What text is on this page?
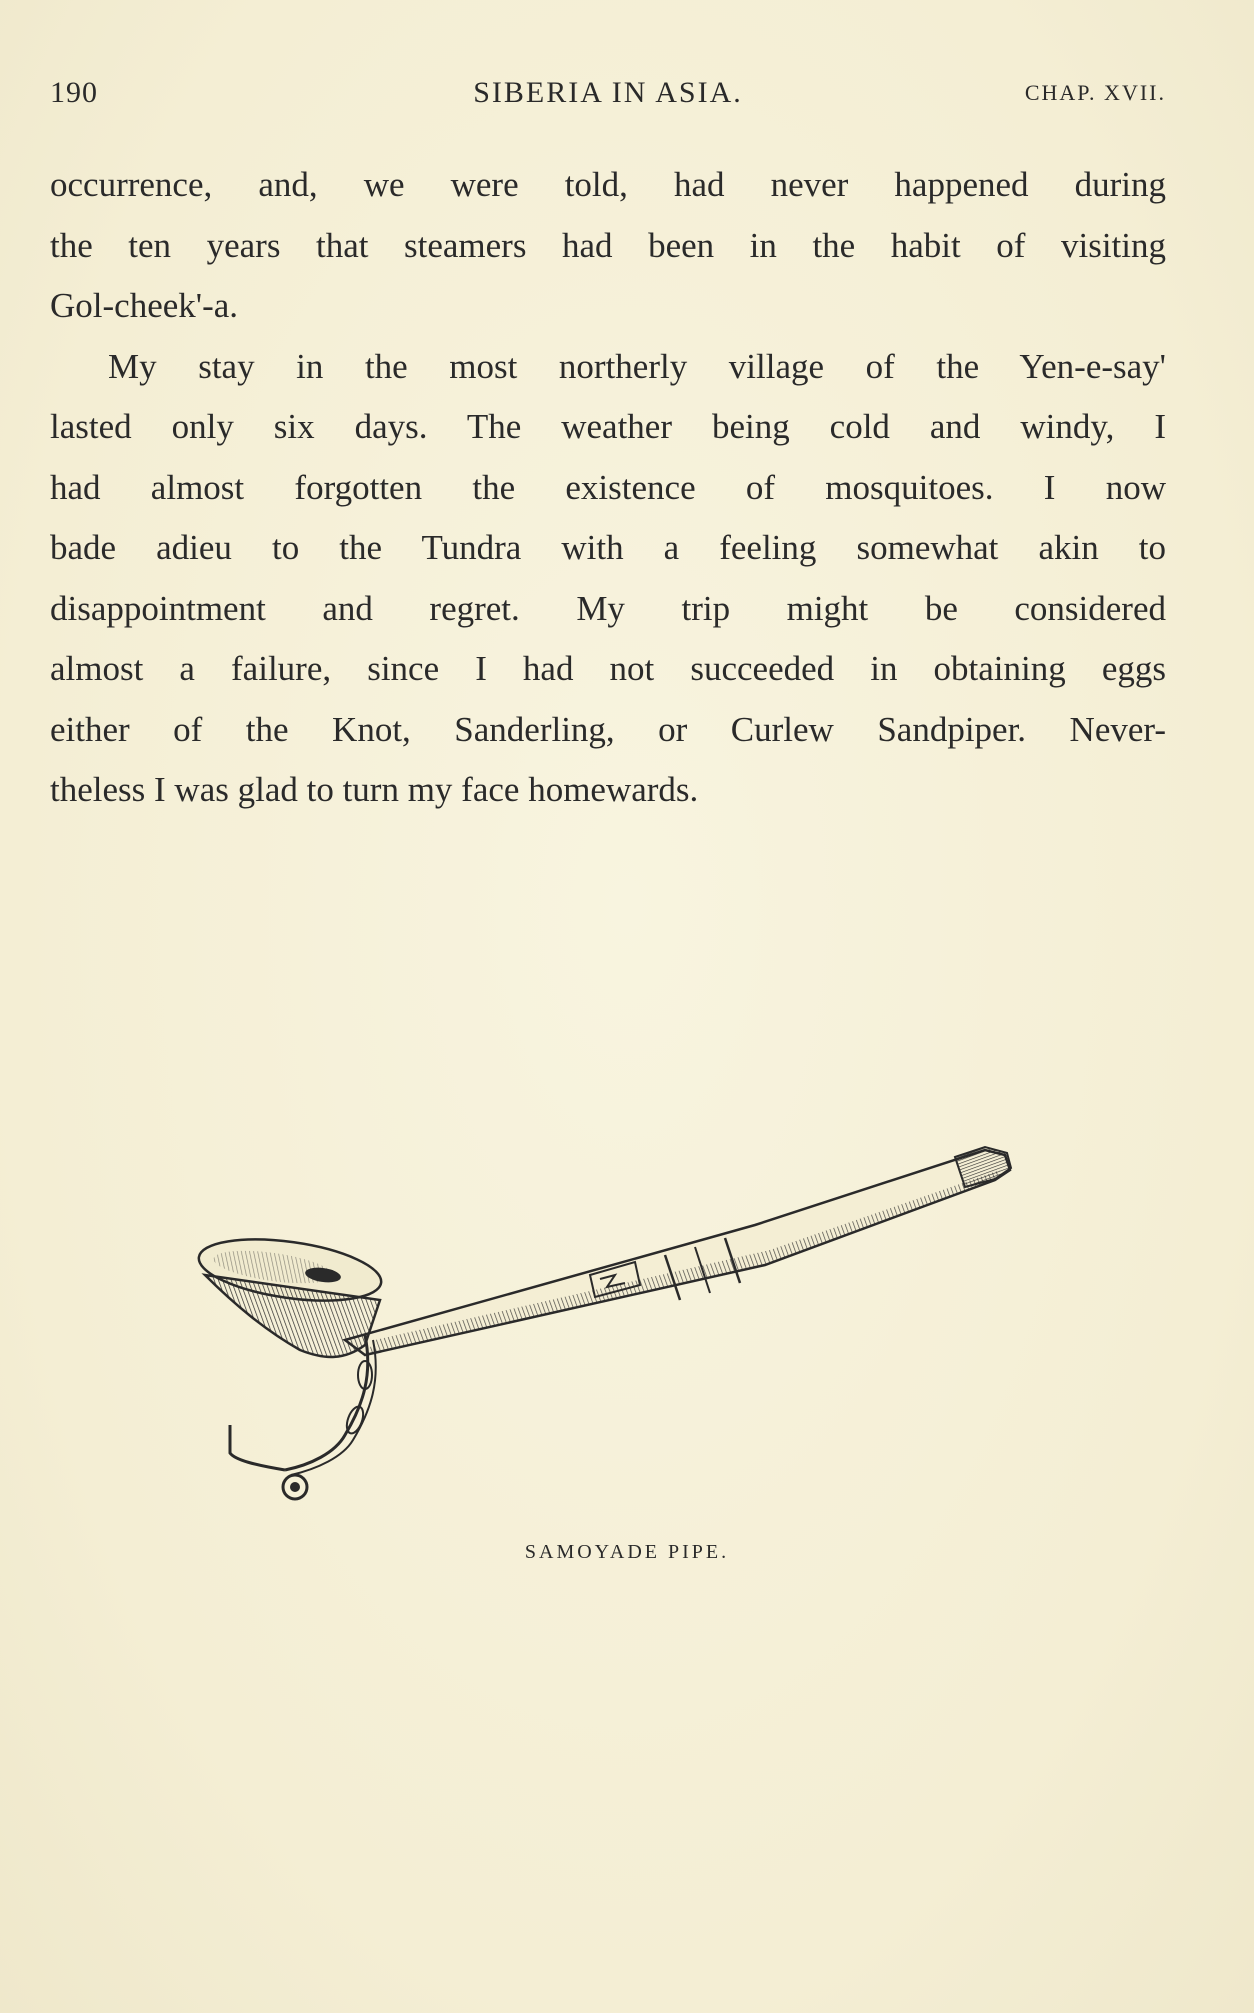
190	SIBERIA IN ASIA.	CHAP. XVII.

occurrence, and, we were told, had never happened during
the ten years that steamers had been in the habit of visiting
Gol-cheek'-a.

My stay in the most northerly village of the Yen-e-say'
lasted only six days. The weather being cold and windy, I
had almost forgotten the existence of mosquitoes. I now
bade adieu to the Tundra with a feeling somewhat akin to
disappointment and regret. My trip might be considered
almost a failure, since I had not succeeded in obtaining eggs
either of the Knot, Sanderling, or Curlew Sandpiper. Never-
theless I was glad to turn my face homewards.

SAMOYADE PIPE.
